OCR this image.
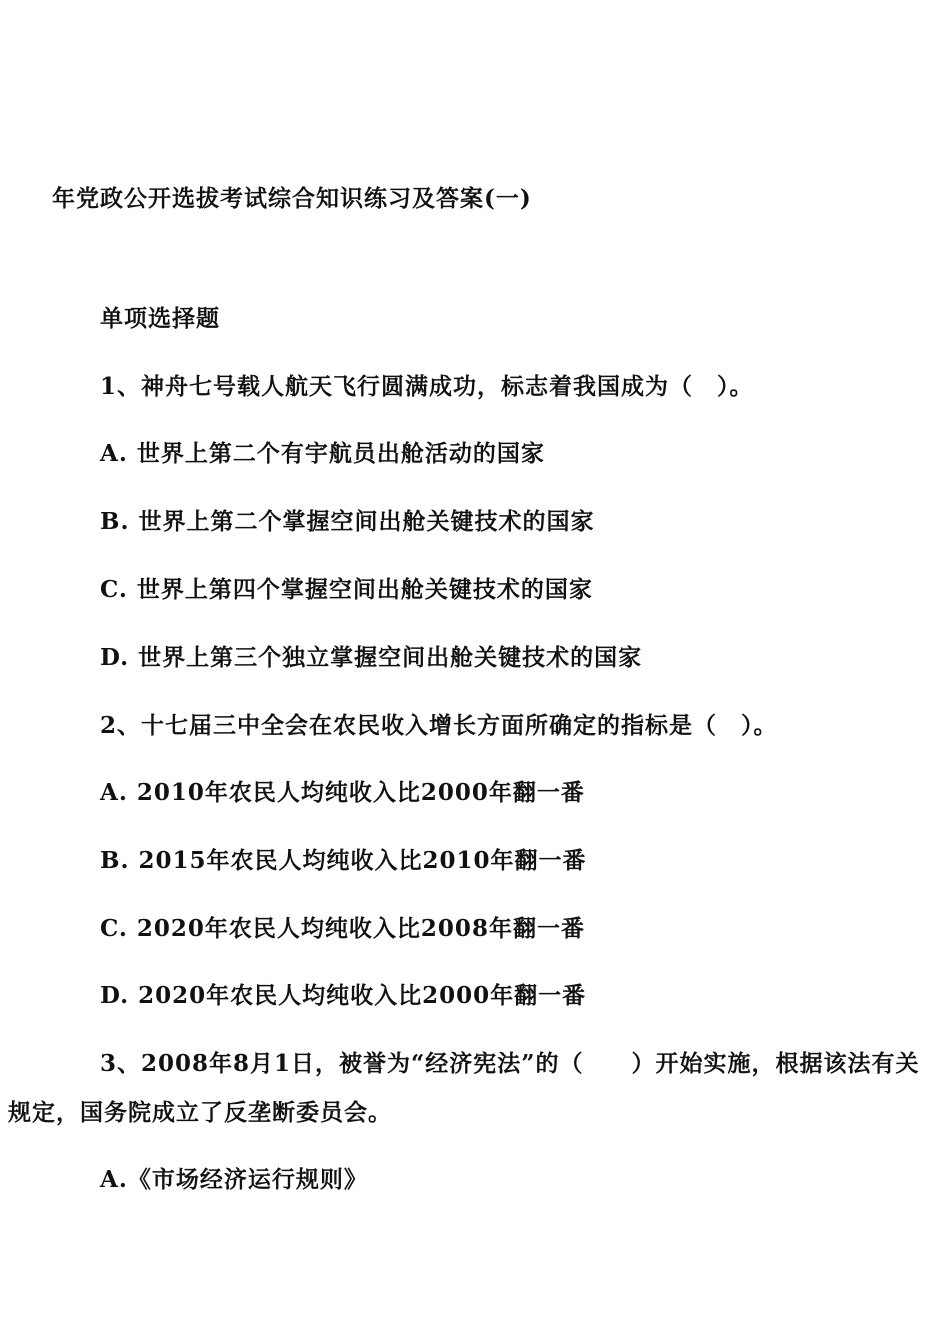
年党政公开选拔考试综合知识练习及答案(一)
单项选择题
1、神舟七号载人航天飞行圆满成功，标志着我国成为（　）。
A. 世界上第二个有宇航员出舱活动的国家
B. 世界上第二个掌握空间出舱关键技术的国家
C. 世界上第四个掌握空间出舱关键技术的国家
D. 世界上第三个独立掌握空间出舱关键技术的国家
2、十七届三中全会在农民收入增长方面所确定的指标是（　）。
A. 2010年农民人均纯收入比2000年翻一番
B. 2015年农民人均纯收入比2010年翻一番
C. 2020年农民人均纯收入比2008年翻一番
D. 2020年农民人均纯收入比2000年翻一番
3、2008年8月1日，被誉为“经济宪法”的（　　）开始实施，根据该法有关
规定，国务院成立了反垄断委员会。
A.《市场经济运行规则》
